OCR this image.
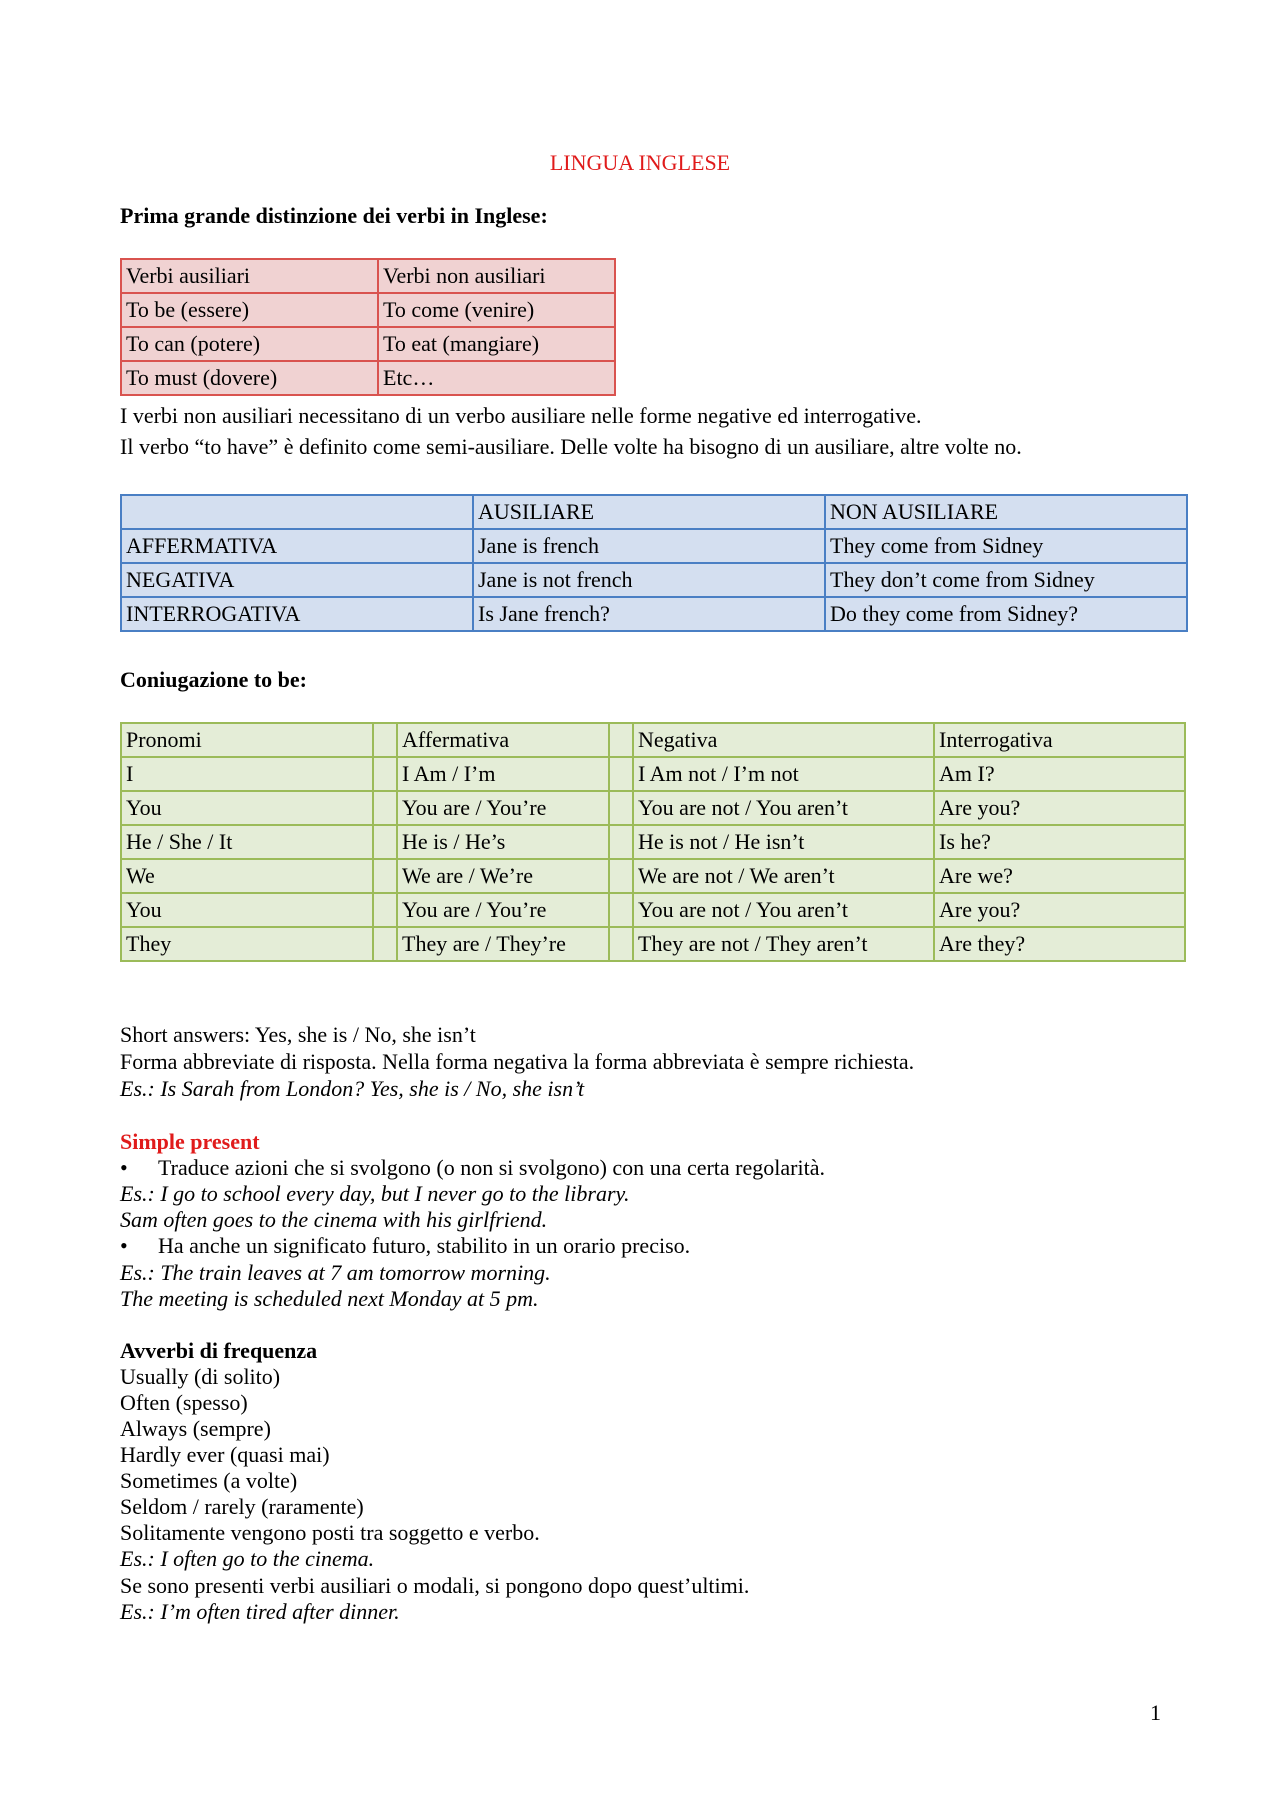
LINGUA INGLESE
Prima grande distinzione dei verbi in Inglese:
Verbi ausiliari	Verbi non ausiliari
To be (essere)	To come (venire)
To can (potere)	To eat (mangiare)
To must (dovere)	Etc…
I verbi non ausiliari necessitano di un verbo ausiliare nelle forme negative ed interrogative.
Il verbo “to have” è definito come semi-ausiliare. Delle volte ha bisogno di un ausiliare, altre volte no.
	AUSILIARE	NON AUSILIARE
AFFERMATIVA	Jane is french	They come from Sidney
NEGATIVA	Jane is not french	They don’t come from Sidney
INTERROGATIVA	Is Jane french?	Do they come from Sidney?
Coniugazione to be:
Pronomi		Affermativa		Negativa	Interrogativa
I		I Am / I’m		I Am not / I’m not	Am I?
You		You are / You’re		You are not / You aren’t	Are you?
He / She / It		He is / He’s		He is not / He isn’t	Is he?
We		We are / We’re		We are not / We aren’t	Are we?
You		You are / You’re		You are not / You aren’t	Are you?
They		They are / They’re		They are not / They aren’t	Are they?
Short answers: Yes, she is / No, she isn’t
Forma abbreviate di risposta. Nella forma negativa la forma abbreviata è sempre richiesta.
Es.: Is Sarah from London? Yes, she is / No, she isn’t
Simple present
• Traduce azioni che si svolgono (o non si svolgono) con una certa regolarità.
Es.: I go to school every day, but I never go to the library.
Sam often goes to the cinema with his girlfriend.
• Ha anche un significato futuro, stabilito in un orario preciso.
Es.: The train leaves at 7 am tomorrow morning.
The meeting is scheduled next Monday at 5 pm.
Avverbi di frequenza
Usually (di solito)
Often (spesso)
Always (sempre)
Hardly ever (quasi mai)
Sometimes (a volte)
Seldom / rarely (raramente)
Solitamente vengono posti tra soggetto e verbo.
Es.: I often go to the cinema.
Se sono presenti verbi ausiliari o modali, si pongono dopo quest’ultimi.
Es.: I’m often tired after dinner.
1
